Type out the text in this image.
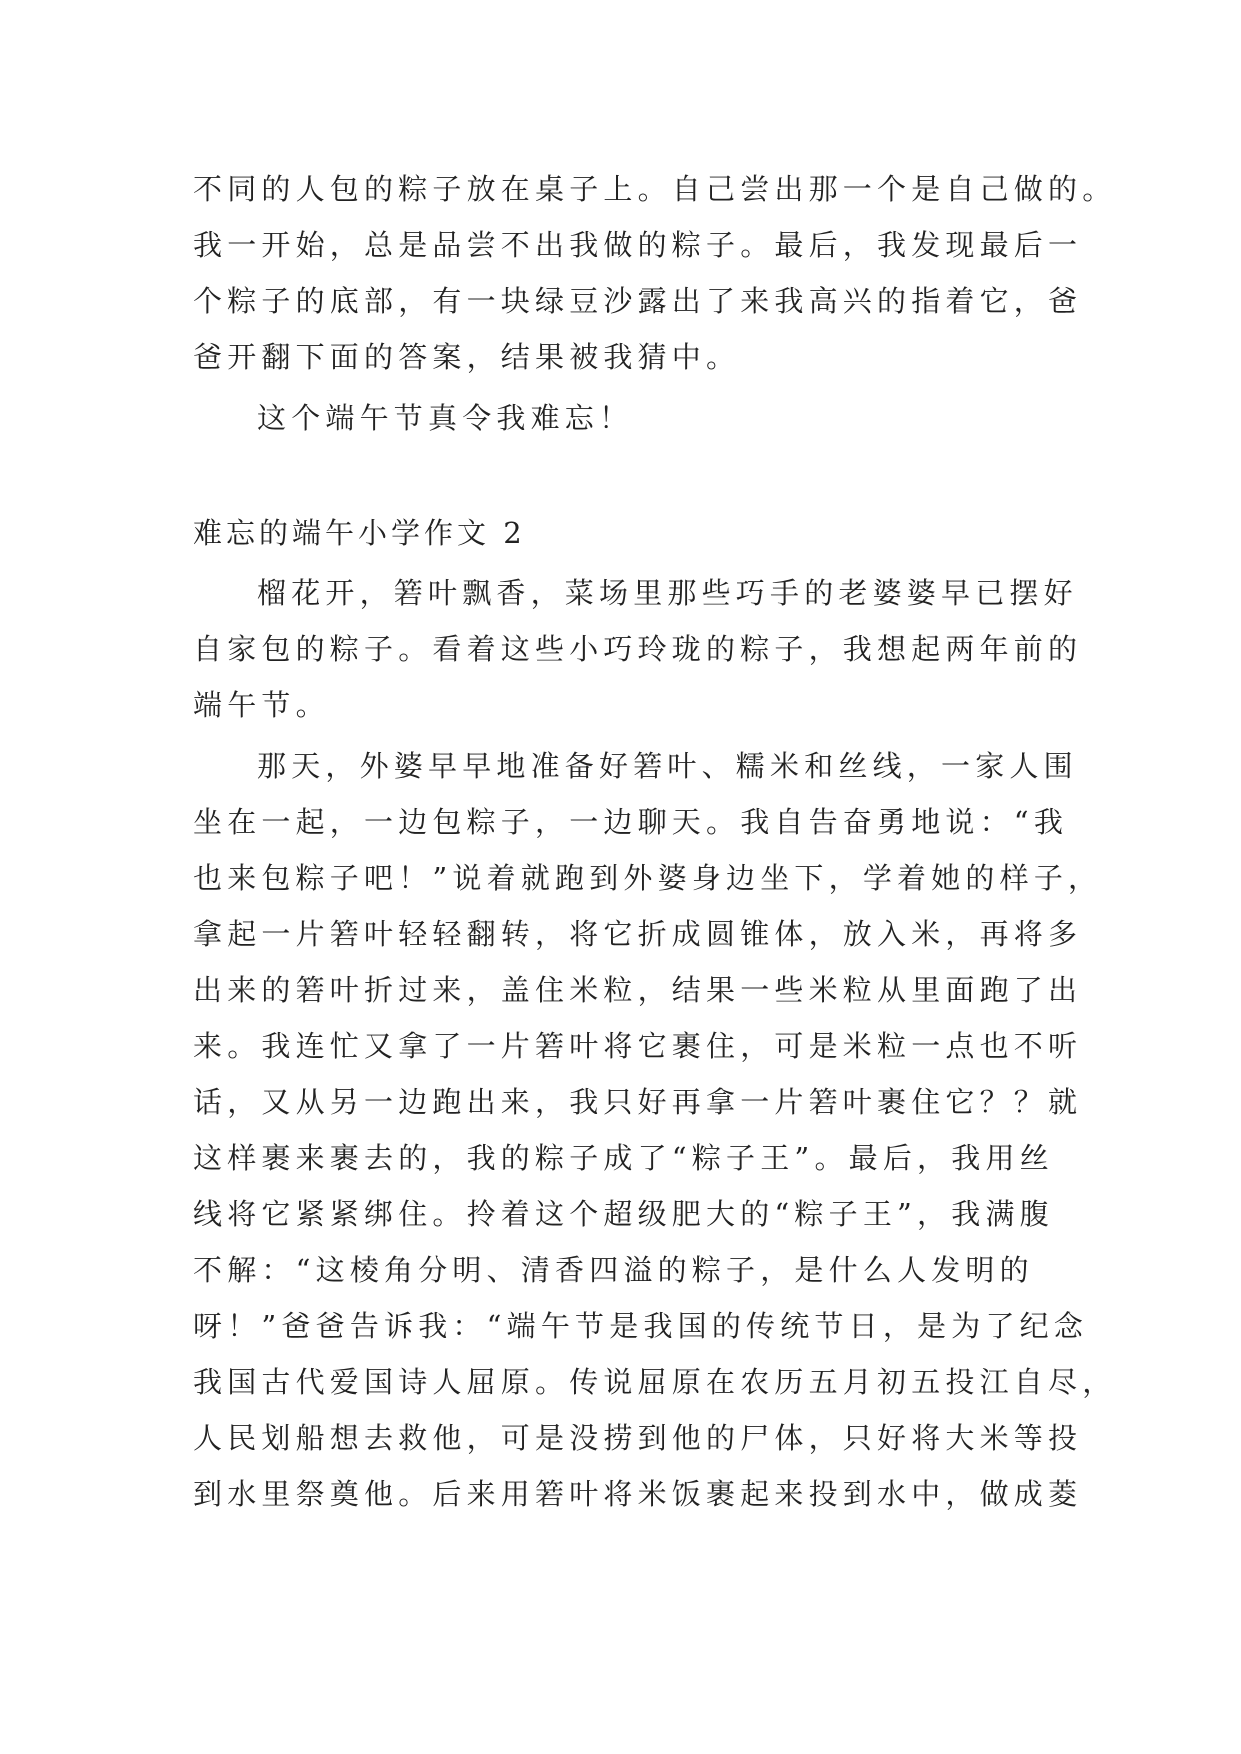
不同的人包的粽子放在桌子上。自己尝出那一个是自己做的。
我一开始，总是品尝不出我做的粽子。最后，我发现最后一
个粽子的底部，有一块绿豆沙露出了来我高兴的指着它，爸
爸开翻下面的答案，结果被我猜中。
这个端午节真令我难忘！
难忘的端午小学作文 2
榴花开，箬叶飘香，菜场里那些巧手的老婆婆早已摆好
自家包的粽子。看着这些小巧玲珑的粽子，我想起两年前的
端午节。
那天，外婆早早地准备好箬叶、糯米和丝线，一家人围
坐在一起，一边包粽子，一边聊天。我自告奋勇地说：“我
也来包粽子吧！”说着就跑到外婆身边坐下，学着她的样子，
拿起一片箬叶轻轻翻转，将它折成圆锥体，放入米，再将多
出来的箬叶折过来，盖住米粒，结果一些米粒从里面跑了出
来。我连忙又拿了一片箬叶将它裹住，可是米粒一点也不听
话，又从另一边跑出来，我只好再拿一片箬叶裹住它？？就
这样裹来裹去的，我的粽子成了“粽子王”。最后，我用丝
线将它紧紧绑住。拎着这个超级肥大的“粽子王”，我满腹
不解：“这棱角分明、清香四溢的粽子，是什么人发明的
呀！”爸爸告诉我：“端午节是我国的传统节日，是为了纪念
我国古代爱国诗人屈原。传说屈原在农历五月初五投江自尽，
人民划船想去救他，可是没捞到他的尸体，只好将大米等投
到水里祭奠他。后来用箬叶将米饭裹起来投到水中，做成菱
